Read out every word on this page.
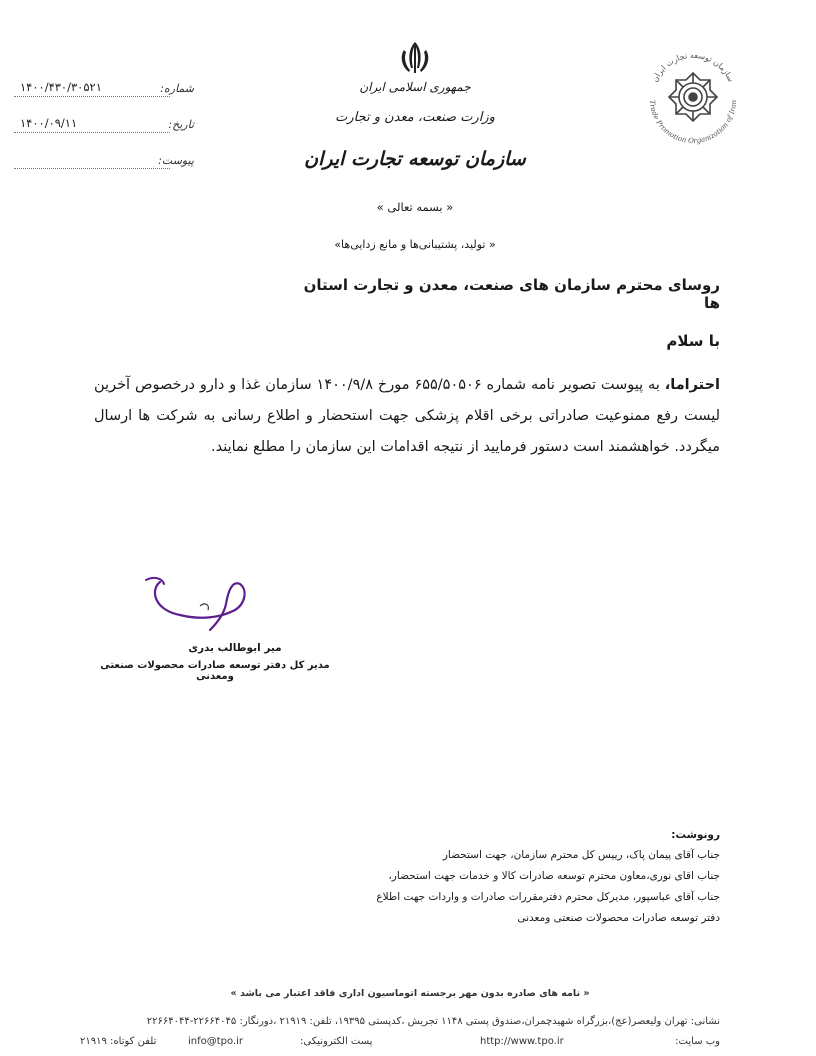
جمهوری اسلامی ایران
وزارت صنعت، معدن و تجارت
سازمان توسعه تجارت ایران
سازمان توسعه تجارت ایران
Trade Promotion Organization of Iran
۱۴۰۰/۴۳۰/۳۰۵۲۱	شماره:
۱۴۰۰/۰۹/۱۱	تاریخ:
پیوست:
« بسمه تعالی »
« تولید، پشتیبانی‌ها و مانع زدایی‌ها»
روسای محترم سازمان های صنعت، معدن و تجارت استان ها
با سلام
احتراما، به پیوست تصویر نامه شماره ۶۵۵/۵۰۵۰۶ مورخ ۱۴۰۰/۹/۸ سازمان غذا و دارو درخصوص آخرین لیست رفع ممنوعیت صادراتی برخی اقلام پزشکی جهت استحضار و اطلاع رسانی به شرکت ها ارسال میگردد. خواهشمند است دستور فرمایید از نتیجه اقدامات این سازمان را مطلع نمایند.
میر ابوطالب بدری
مدیر کل دفتر توسعه صادرات محصولات صنعتی ومعدنی
رونوشت:
جناب آقای پیمان پاک، رییس کل محترم سازمان، جهت استحضار
جناب اقای نوری،معاون محترم توسعه صادرات کالا و خدمات جهت استحضار،
جناب آقای عباسپور، مدیرکل محترم دفترمقررات صادرات و واردات جهت اطلاع
دفتر توسعه صادرات محصولات صنعتی ومعدنی
« نامه های صادره بدون مهر برجسته اتوماسیون اداری فاقد اعتبار می باشد »
نشانی: تهران ولیعصر(عج)،بزرگراه شهیدچمران،صندوق پستی ۱۱۴۸ تجریش ،کدپستی ۱۹۳۹۵، تلفن: ۲۱۹۱۹ ،دورنگار: ۲۲۶۶۴۰۴۵-۲۲۶۶۴۰۴۴
وب سایت:
http://www.tpo.ir
پست الکترونیکی:
info@tpo.ir
تلفن کوتاه: ۲۱۹۱۹
